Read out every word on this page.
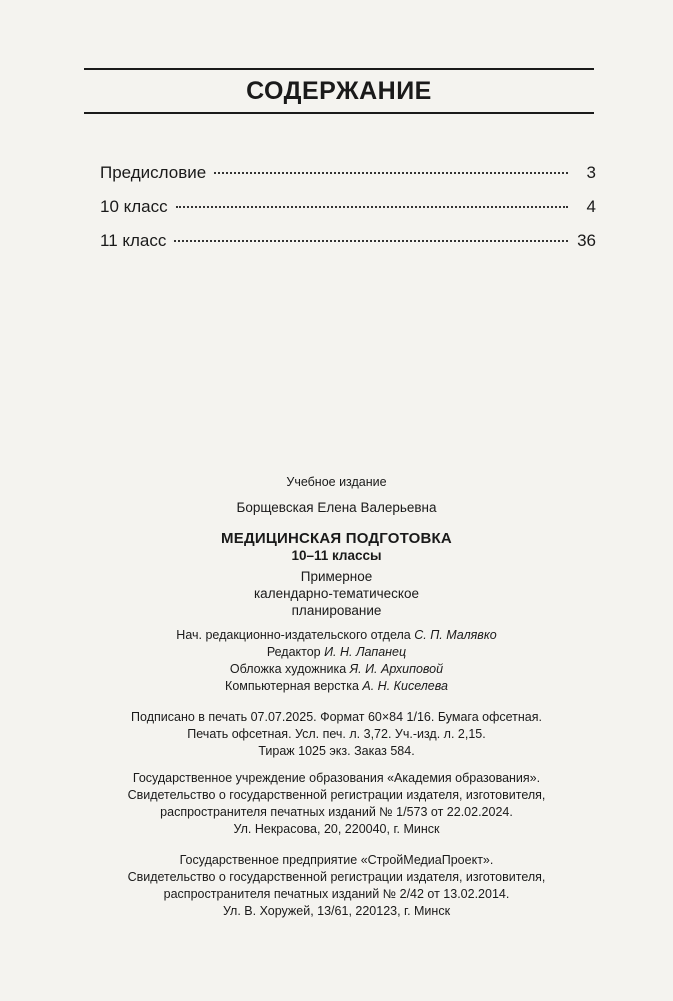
СОДЕРЖАНИЕ
Предисловие	3
10 класс	4
11 класс	36
Учебное издание
Борщевская Елена Валерьевна
МЕДИЦИНСКАЯ ПОДГОТОВКА
10–11 классы
Примерное
календарно-тематическое
планирование
Нач. редакционно-издательского отдела С. П. Малявко
Редактор И. Н. Лапанец
Обложка художника Я. И. Архиповой
Компьютерная верстка А. Н. Киселева
Подписано в печать 07.07.2025. Формат 60×84 1/16. Бумага офсетная.
Печать офсетная. Усл. печ. л. 3,72. Уч.-изд. л. 2,15.
Тираж 1025 экз. Заказ 584.
Государственное учреждение образования «Академия образования».
Свидетельство о государственной регистрации издателя, изготовителя,
распространителя печатных изданий № 1/573 от 22.02.2024.
Ул. Некрасова, 20, 220040, г. Минск
Государственное предприятие «СтройМедиаПроект».
Свидетельство о государственной регистрации издателя, изготовителя,
распространителя печатных изданий № 2/42 от 13.02.2014.
Ул. В. Хоружей, 13/61, 220123, г. Минск
